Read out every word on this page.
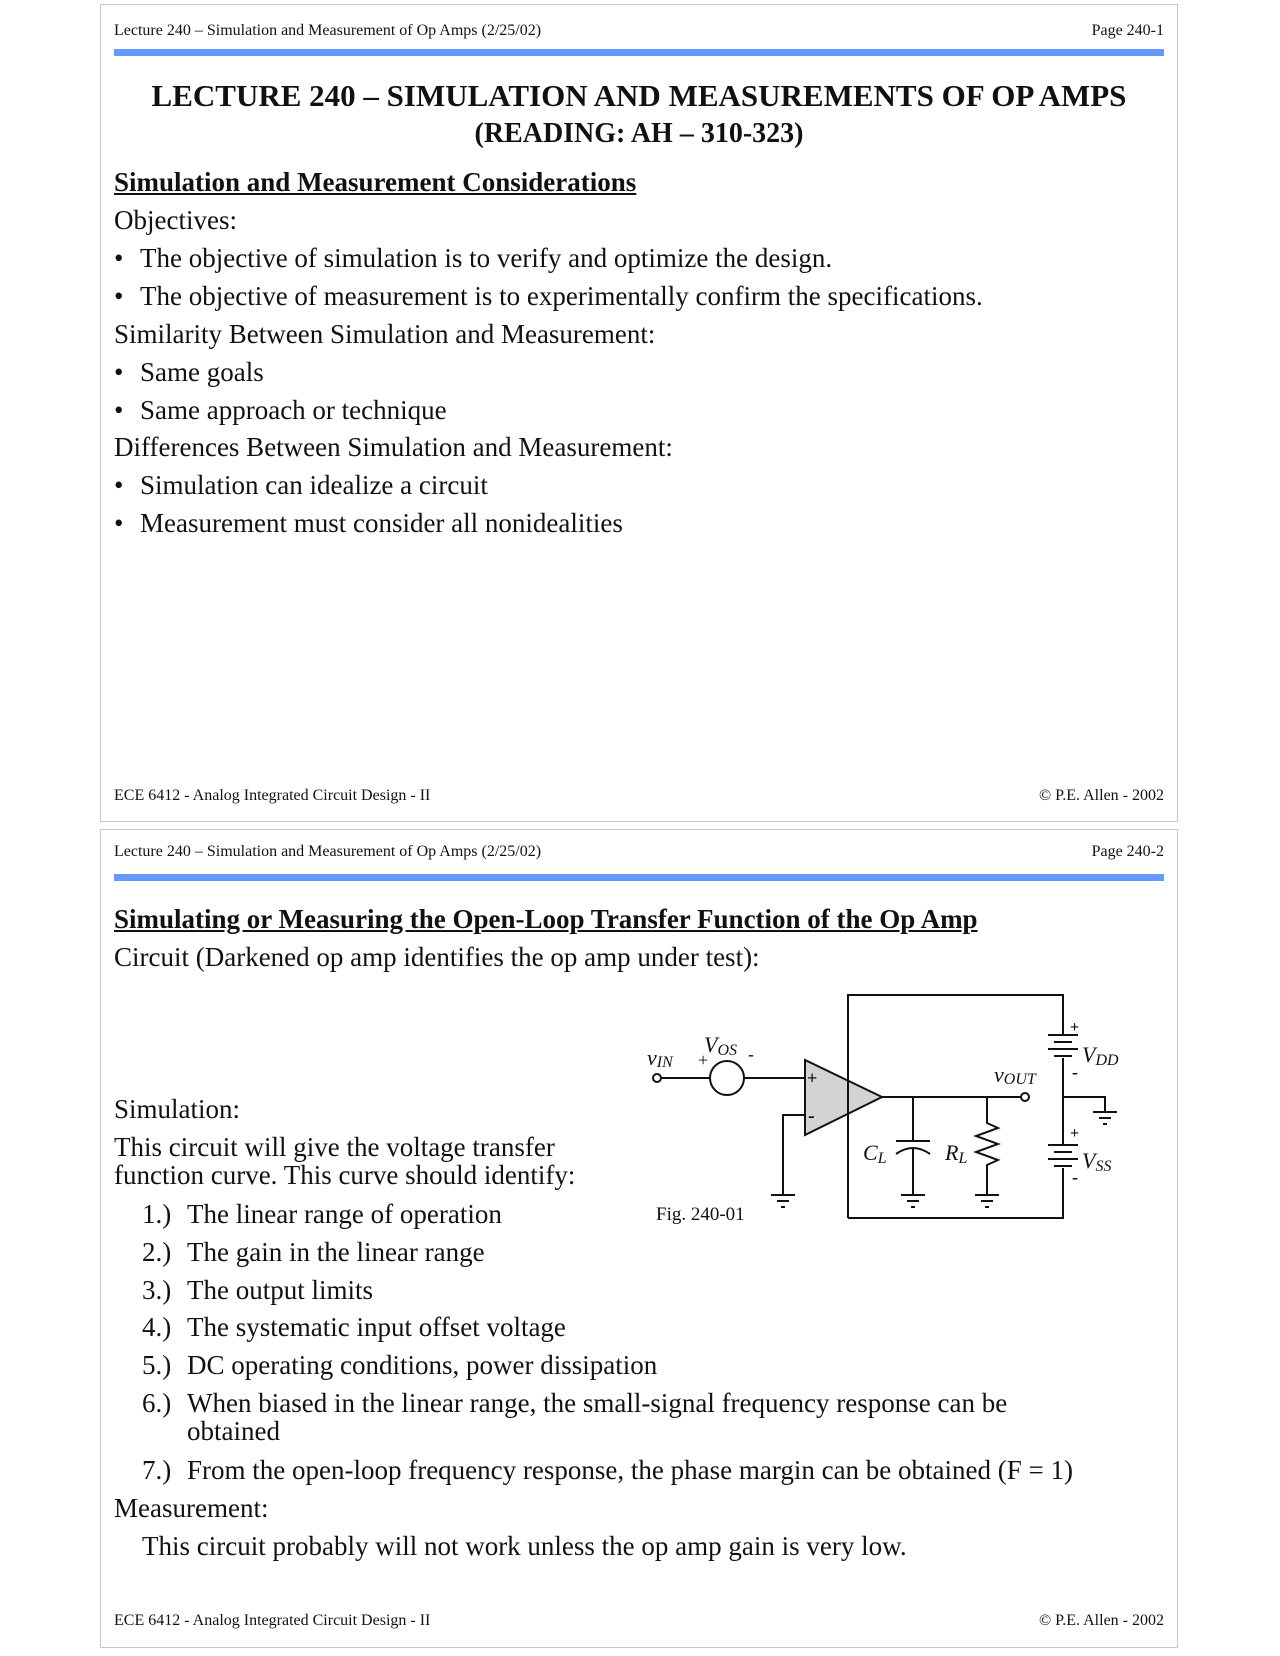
Lecture 240 – Simulation and Measurement of Op Amps (2/25/02)	Page 240-1
LECTURE 240 – SIMULATION AND MEASUREMENTS OF OP AMPS
(READING: AH – 310-323)
Simulation and Measurement Considerations
Objectives:
• The objective of simulation is to verify and optimize the design.
• The objective of measurement is to experimentally confirm the specifications.
Similarity Between Simulation and Measurement:
• Same goals
• Same approach or technique
Differences Between Simulation and Measurement:
• Simulation can idealize a circuit
• Measurement must consider all nonidealities
ECE 6412 - Analog Integrated Circuit Design - II	© P.E. Allen - 2002
Lecture 240 – Simulation and Measurement of Op Amps (2/25/02)	Page 240-2
Simulating or Measuring the Open-Loop Transfer Function of the Op Amp
Circuit (Darkened op amp identifies the op amp under test):
Simulation:
This circuit will give the voltage transfer
function curve. This curve should identify:
1.) The linear range of operation
2.) The gain in the linear range
3.) The output limits
4.) The systematic input offset voltage
5.) DC operating conditions, power dissipation
6.) When biased in the linear range, the small-signal frequency response can be
obtained
7.) From the open-loop frequency response, the phase margin can be obtained (F = 1)
Measurement:
This circuit probably will not work unless the op amp gain is very low.
ECE 6412 - Analog Integrated Circuit Design - II	© P.E. Allen - 2002
vIN
VOS
+ -
+
-
vOUT
CL	RL
VDD
VSS
+
-
+
-
Fig. 240-01
